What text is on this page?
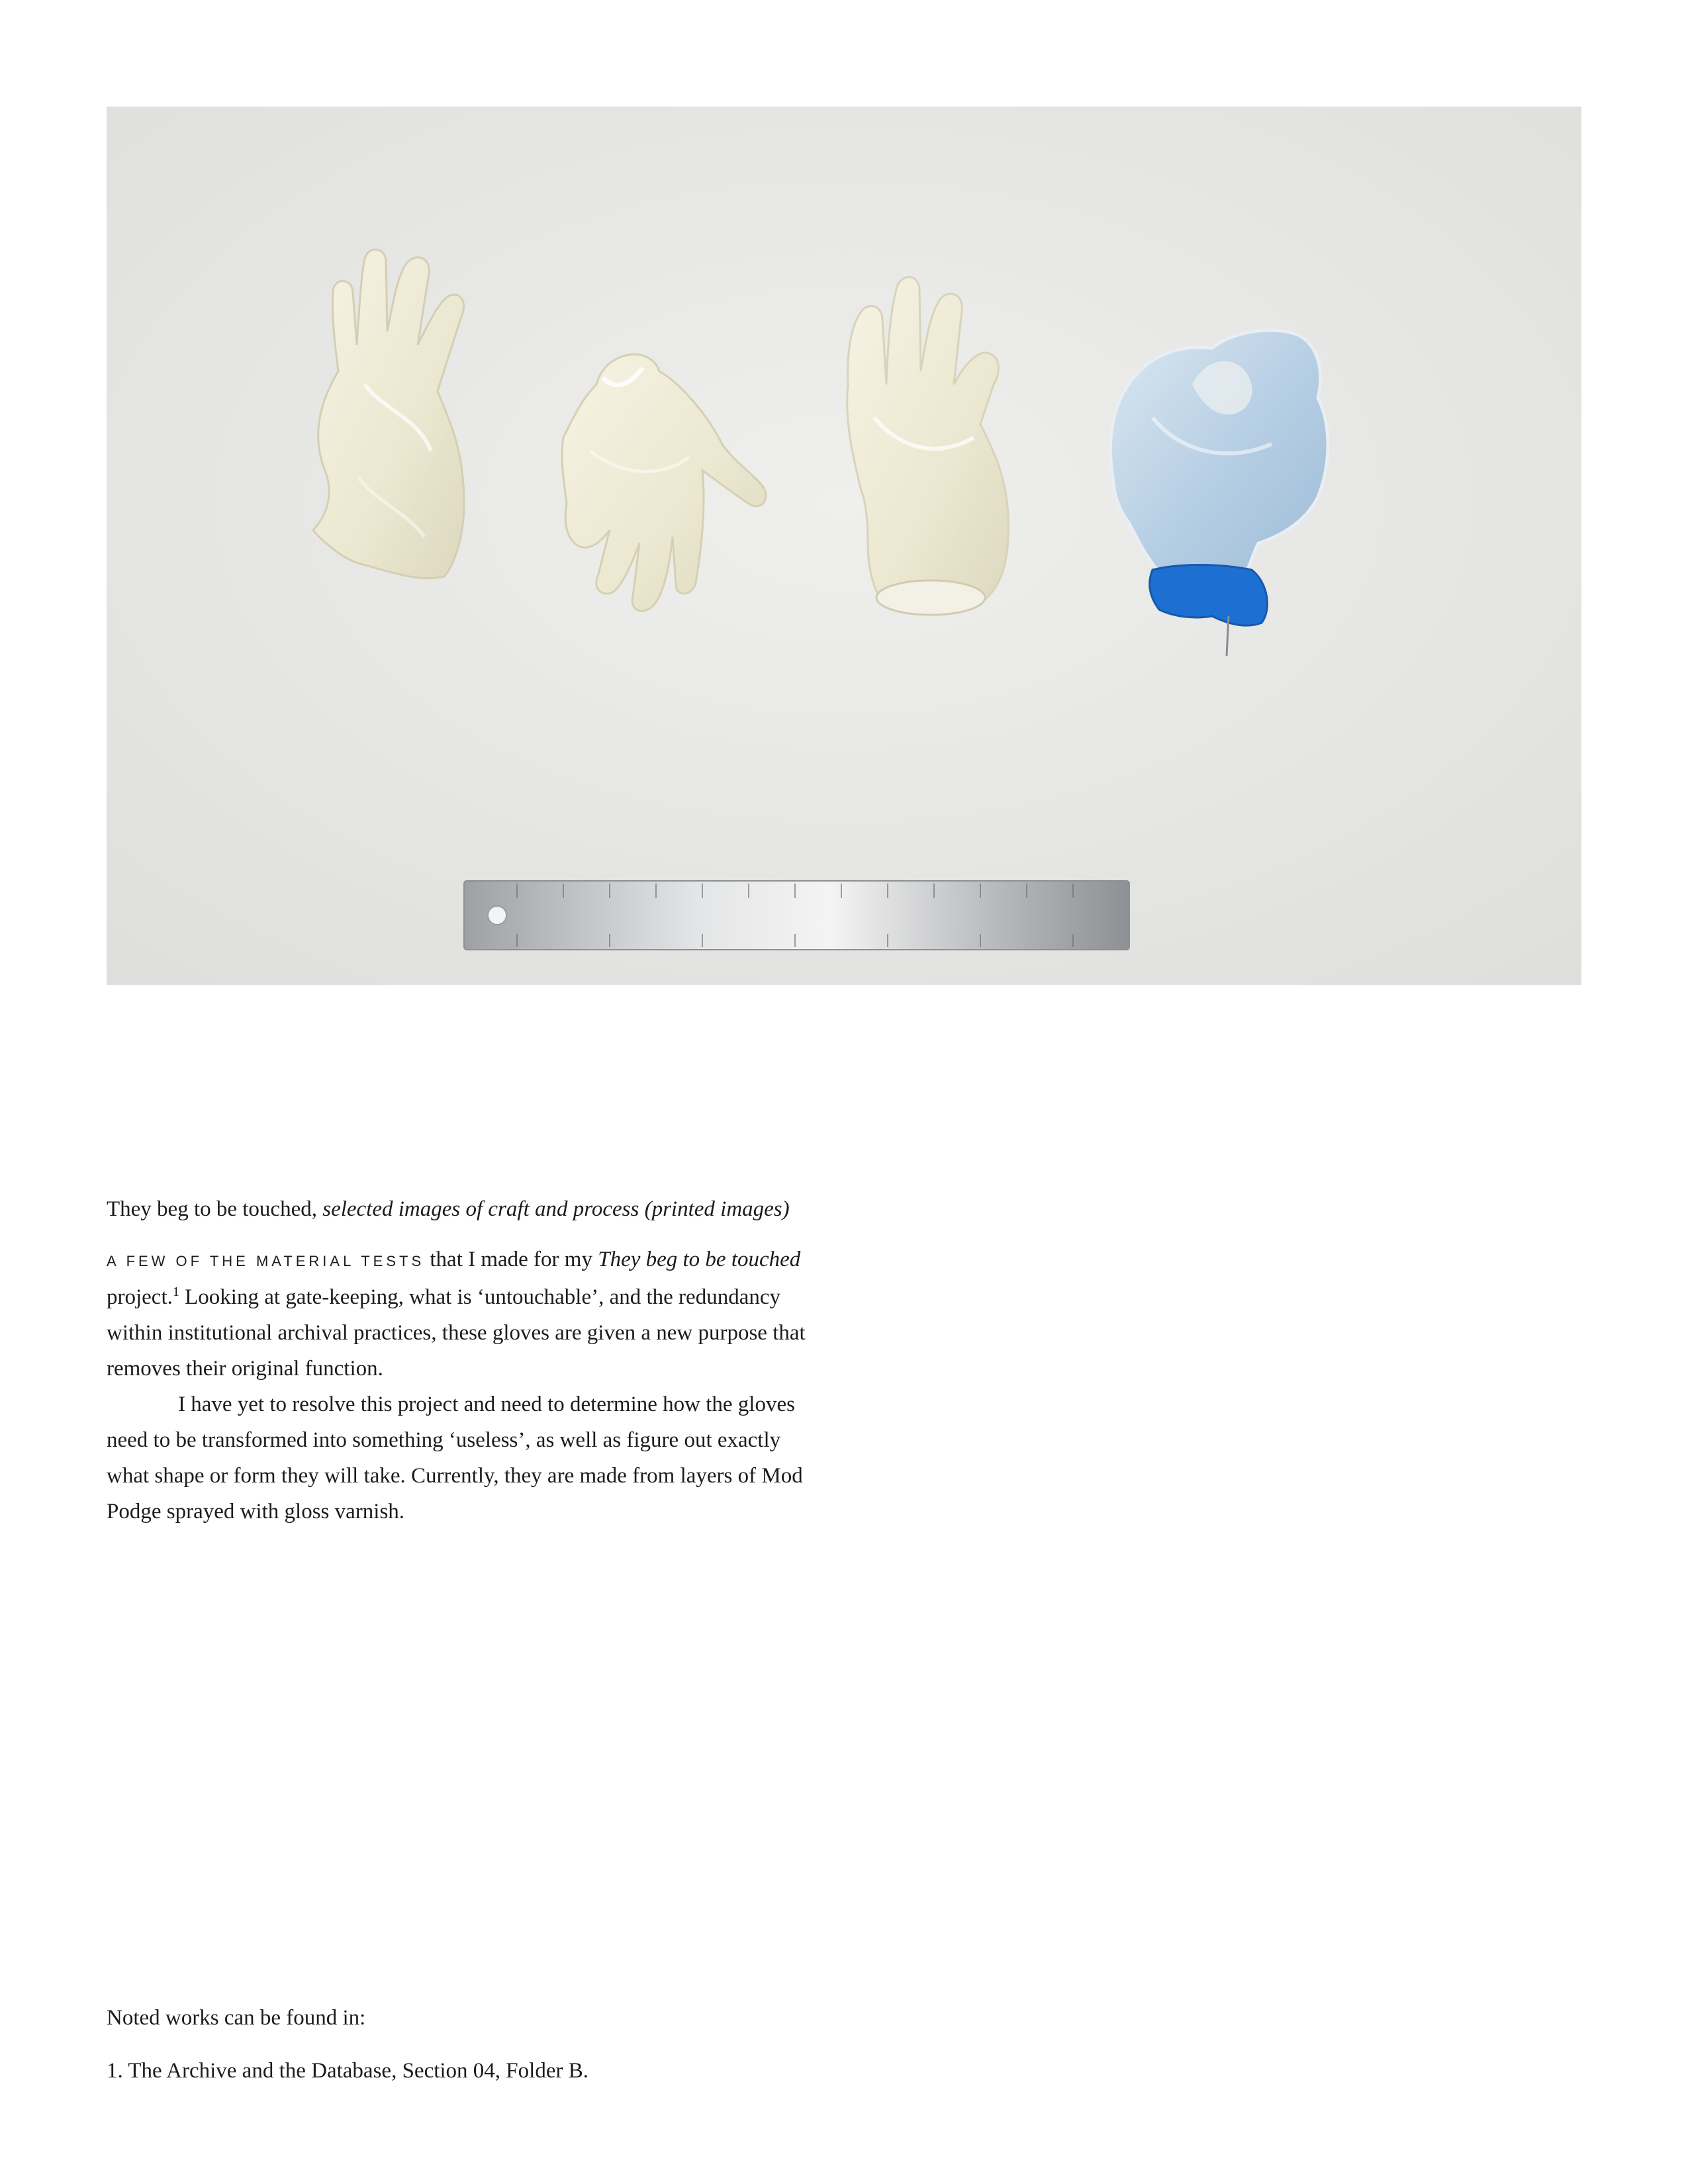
They beg to be touched, selected images of craft and process (printed images)

A FEW OF THE MATERIAL TESTS that I made for my They beg to be touched project.$^1$ Looking at gate-keeping, what is ‘untouchable’, and the redundancy within institutional archival practices, these gloves are given a new purpose that removes their original function.

I have yet to resolve this project and need to determine how the gloves need to be transformed into something ‘useless’, as well as figure out exactly what shape or form they will take. Currently, they are made from layers of Mod Podge sprayed with gloss varnish.

Noted works can be found in:

1. The Archive and the Database, Section 04, Folder B.
